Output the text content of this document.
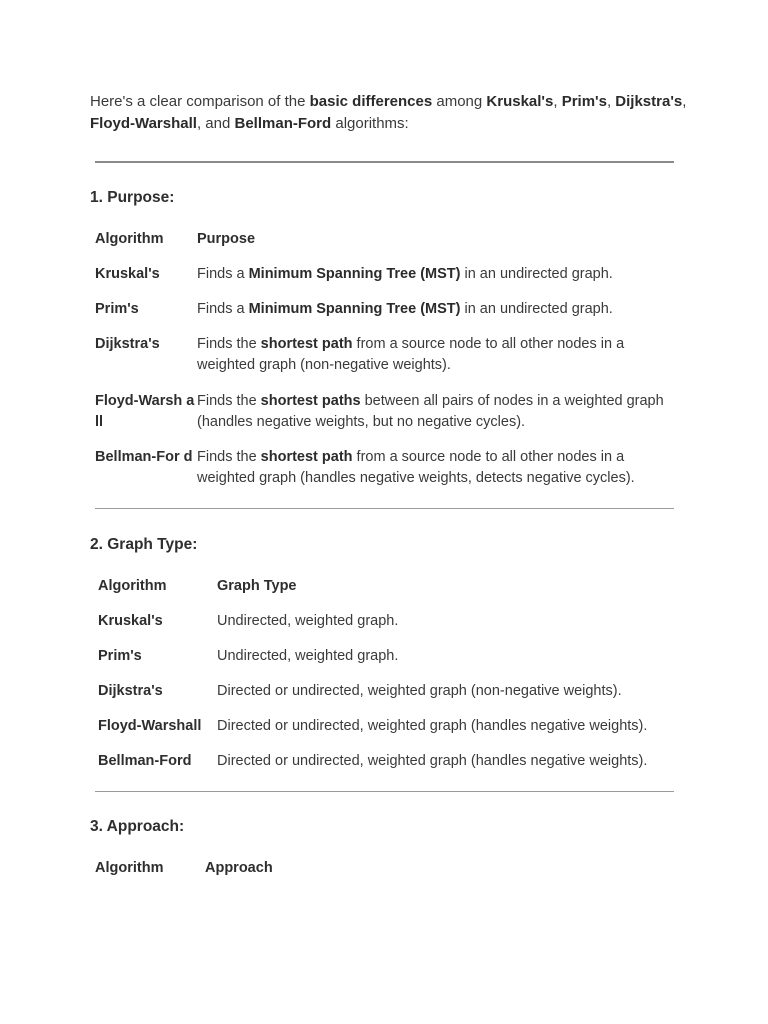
Here's a clear comparison of the basic differences among Kruskal's, Prim's, Dijkstra's, Floyd-Warshall, and Bellman-Ford algorithms:
1. Purpose:
Algorithm	Purpose
Kruskal's	Finds a Minimum Spanning Tree (MST) in an undirected graph.
Prim's	Finds a Minimum Spanning Tree (MST) in an undirected graph.
Dijkstra's	Finds the shortest path from a source node to all other nodes in a weighted graph (non-negative weights).
Floyd-Warsh all	Finds the shortest paths between all pairs of nodes in a weighted graph (handles negative weights, but no negative cycles).
Bellman-For d	Finds the shortest path from a source node to all other nodes in a weighted graph (handles negative weights, detects negative cycles).
2. Graph Type:
Algorithm	Graph Type
Kruskal's	Undirected, weighted graph.
Prim's	Undirected, weighted graph.
Dijkstra's	Directed or undirected, weighted graph (non-negative weights).
Floyd-Warshall	Directed or undirected, weighted graph (handles negative weights).
Bellman-Ford	Directed or undirected, weighted graph (handles negative weights).
3. Approach:
Algorithm	Approach
